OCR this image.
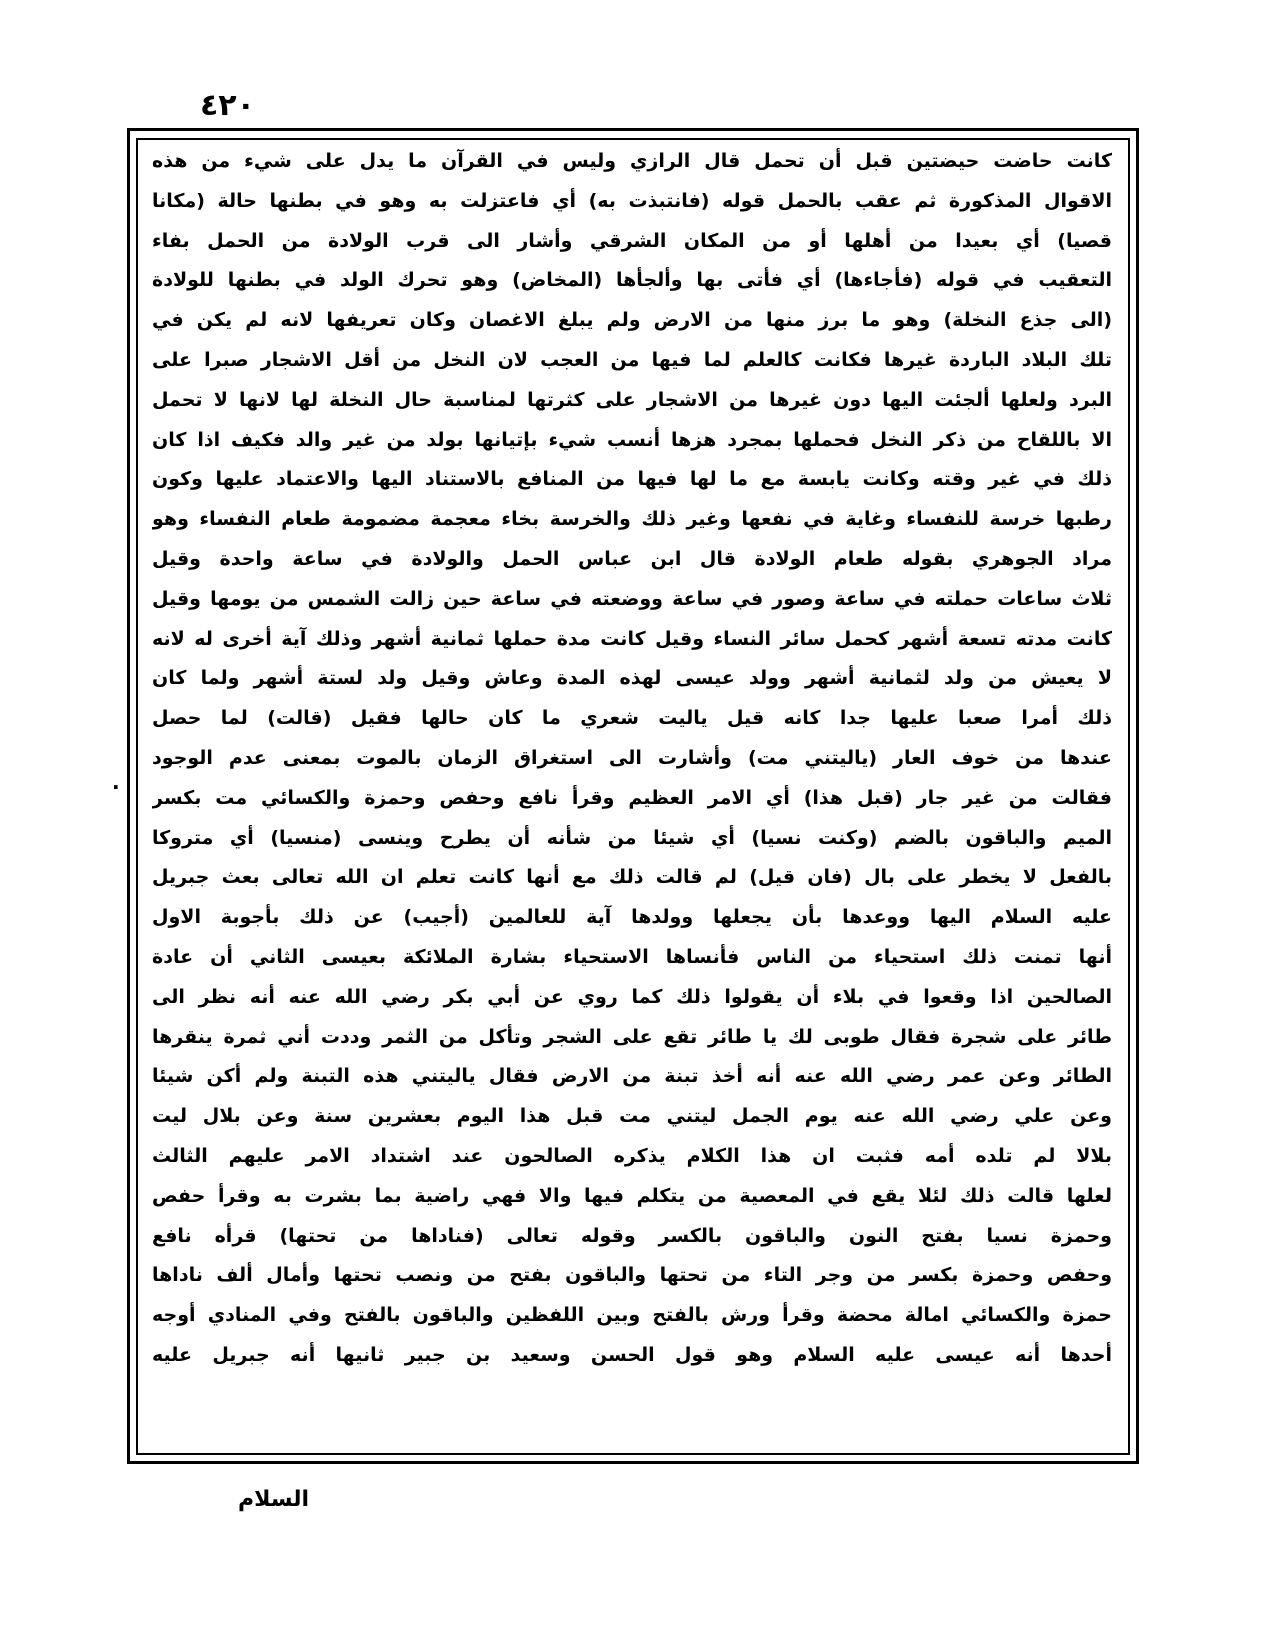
٤٢٠
.
كانت حاضت حيضتين قبل أن تحمل قال الرازي وليس في القرآن ما يدل على شيء من هذه
الاقوال المذكورة ثم عقب بالحمل قوله (فانتبذت به) أي فاعتزلت به وهو في بطنها حالة (مكانا
قصيا) أي بعيدا من أهلها أو من المكان الشرقي وأشار الى قرب الولادة من الحمل بفاء
التعقيب في قوله (فأجاءها) أي فأتى بها وألجأها (المخاض) وهو تحرك الولد في بطنها للولادة
(الى جذع النخلة) وهو ما برز منها من الارض ولم يبلغ الاغصان وكان تعريفها لانه لم يكن في
تلك البلاد الباردة غيرها فكانت كالعلم لما فيها من العجب لان النخل من أقل الاشجار صبرا على
البرد ولعلها ألجئت اليها دون غيرها من الاشجار على كثرتها لمناسبة حال النخلة لها لانها لا تحمل
الا باللقاح من ذكر النخل فحملها بمجرد هزها أنسب شيء بإتيانها بولد من غير والد فكيف اذا كان
ذلك في غير وقته وكانت يابسة مع ما لها فيها من المنافع بالاستناد اليها والاعتماد عليها وكون
رطبها خرسة للنفساء وغاية في نفعها وغير ذلك والخرسة بخاء معجمة مضمومة طعام النفساء وهو
مراد الجوهري بقوله طعام الولادة قال ابن عباس الحمل والولادة في ساعة واحدة وقيل
ثلاث ساعات حملته في ساعة وصور في ساعة ووضعته في ساعة حين زالت الشمس من يومها وقيل
كانت مدته تسعة أشهر كحمل سائر النساء وقيل كانت مدة حملها ثمانية أشهر وذلك آية أخرى له لانه
لا يعيش من ولد لثمانية أشهر وولد عيسى لهذه المدة وعاش وقيل ولد لستة أشهر ولما كان
ذلك أمرا صعبا عليها جدا كانه قيل ياليت شعري ما كان حالها فقيل (قالت) لما حصل
عندها من خوف العار (ياليتني مت) وأشارت الى استغراق الزمان بالموت بمعنى عدم الوجود
فقالت من غير جار (قبل هذا) أي الامر العظيم وقرأ نافع وحفص وحمزة والكسائي مت بكسر
الميم والباقون بالضم (وكنت نسيا) أي شيئا من شأنه أن يطرح وينسى (منسيا) أي متروكا
بالفعل لا يخطر على بال (فان قيل) لم قالت ذلك مع أنها كانت تعلم ان الله تعالى بعث جبريل
عليه السلام اليها ووعدها بأن يجعلها وولدها آية للعالمين (أجيب) عن ذلك بأجوبة الاول
أنها تمنت ذلك استحياء من الناس فأنساها الاستحياء بشارة الملائكة بعيسى الثاني أن عادة
الصالحين اذا وقعوا في بلاء أن يقولوا ذلك كما روي عن أبي بكر رضي الله عنه أنه نظر الى
طائر على شجرة فقال طوبى لك يا طائر تقع على الشجر وتأكل من الثمر وددت أني ثمرة ينقرها
الطائر وعن عمر رضي الله عنه أنه أخذ تبنة من الارض فقال ياليتني هذه التبنة ولم أكن شيئا
وعن علي رضي الله عنه يوم الجمل ليتني مت قبل هذا اليوم بعشرين سنة وعن بلال ليت
بلالا لم تلده أمه فثبت ان هذا الكلام يذكره الصالحون عند اشتداد الامر عليهم الثالث
لعلها قالت ذلك لئلا يقع في المعصية من يتكلم فيها والا فهي راضية بما بشرت به وقرأ حفص
وحمزة نسيا بفتح النون والباقون بالكسر وقوله تعالى (فناداها من تحتها) قرأه نافع
وحفص وحمزة بكسر من وجر التاء من تحتها والباقون بفتح من ونصب تحتها وأمال ألف ناداها
حمزة والكسائي امالة محضة وقرأ ورش بالفتح وبين اللفظين والباقون بالفتح وفي المنادي أوجه
أحدها أنه عيسى عليه السلام وهو قول الحسن وسعيد بن جبير ثانيها أنه جبريل عليه
السلام
